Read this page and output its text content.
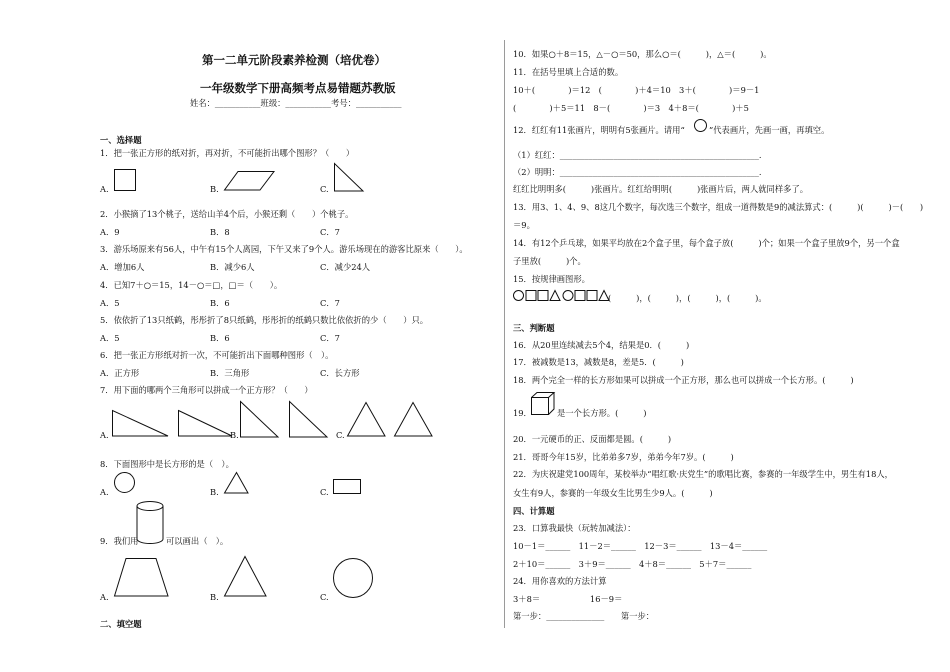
第一二单元阶段素养检测（培优卷）
一年级数学下册高频考点易错题苏教版
姓名：___________班级：___________考号：___________
一、选择题
1．把一张正方形的纸对折，再对折，不可能折出哪个图形？（　　）
A.	B.	C.
2．小猴摘了13个桃子，送给山羊4个后，小猴还剩（　　）个桃子。
A．9	B．8	C．7
3．游乐场原来有56人，中午有15个人离园，下午又来了9个人。游乐场现在的游客比原来（　　）。
A．增加6人	B．减少6人	C．减少24人
4．已知7＋○＝15，14－○＝□，□＝（　　）。
A．5	B．6	C．7
5．依依折了13只纸鹤，彤彤折了8只纸鹤，彤彤折的纸鹤只数比依依折的少（　　）只。
A．5	B．6	C．7
6．把一张正方形纸对折一次，不可能折出下面哪种图形（　）。
A．正方形	B．三角形	C．长方形
7．用下面的哪两个三角形可以拼成一个正方形？（　　）
A.	B.	C.
8．下面图形中是长方形的是（　）。
A.	B.	C.
9．我们用	可以画出（　）。
A.	B.	C.
二、填空题
10．如果○＋8＝15，△－○＝50，那么○＝(　　　)，△＝(　　　)。
11．在括号里填上合适的数。
10＋(　　　　)＝12　(　　　　)＋4＝10　3＋(　　　　)＝9－1
(　　　　)＋5＝11　8－(　　　　)＝3　4＋8＝(　　　　)＋5
12．红红有11张画片，明明有5张画片。请用“	”代表画片，先画一画，再填空。
（1）红红：________________________________________________.
（2）明明：________________________________________________.
红红比明明多(　　　)张画片。红红给明明(　　　)张画片后，两人就同样多了。
13．用3、1、4、9、8这几个数字，每次选三个数字，组成一道得数是9的减法算式：(　　　)(　　　)－(　　)
＝9。
14．有12个乒乓球，如果平均放在2个盒子里，每个盒子放(　　　)个；如果一个盒子里放9个，另一个盒
子里放(　　　)个。
15．按规律画图形。
(　　　)，(　　　)，(　　　)，(　　　)。
三、判断题
16．从20里连续减去5个4，结果是0．(　　　)
17．被减数是13，减数是8，差是5．(　　　)
18．两个完全一样的长方形如果可以拼成一个正方形，那么也可以拼成一个长方形。(　　　)
19．	是一个长方形。(　　　)
20．一元硬币的正、反面都是圆。(　　　)
21．哥哥今年15岁，比弟弟多7岁，弟弟今年7岁。(　　　)
22．为庆祝建党100周年，某校举办“唱红歌·庆党生”的歌唱比赛，参赛的一年级学生中，男生有18人，
女生有9人，参赛的一年级女生比男生少9人。(　　　)
四、计算题
23．口算我最快（玩转加减法）：
10－1＝______　11－2＝______　12－3＝______　13－4＝______
2＋10＝______　3＋9＝______　4＋8＝______　5＋7＝______
24．用你喜欢的方法计算
3＋8＝　　　　　　16－9＝
第一步：______________　　第一步：
